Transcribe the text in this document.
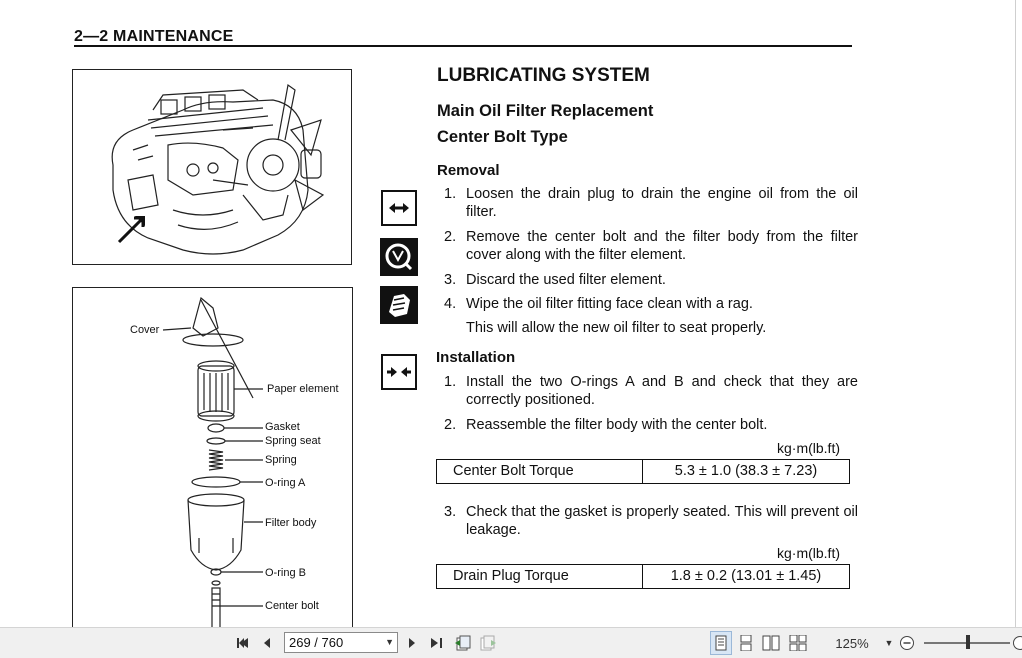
2—2 MAINTENANCE
Cover
Paper element
Gasket
Spring seat
Spring
O-ring A
Filter body
O-ring B
Center bolt
LUBRICATING SYSTEM
Main Oil Filter Replacement
Center Bolt Type
Removal
1. Loosen the drain plug to drain the engine oil from the oil filter.
2. Remove the center bolt and the filter body from the filter cover along with the filter element.
3. Discard the used filter element.
4. Wipe the oil filter fitting face clean with a rag.
This will allow the new oil filter to seat properly.
Installation
1. Install the two O-rings A and B and check that they are correctly positioned.
2. Reassemble the filter body with the center bolt.
kg·m(lb.ft)
Center Bolt Torque	5.3 ± 1.0 (38.3 ± 7.23)
3. Check that the gasket is properly seated. This will prevent oil leakage.
kg·m(lb.ft)
Drain Plug Torque	1.8 ± 0.2 (13.01 ± 1.45)
269 / 760	▼	125%	▼
